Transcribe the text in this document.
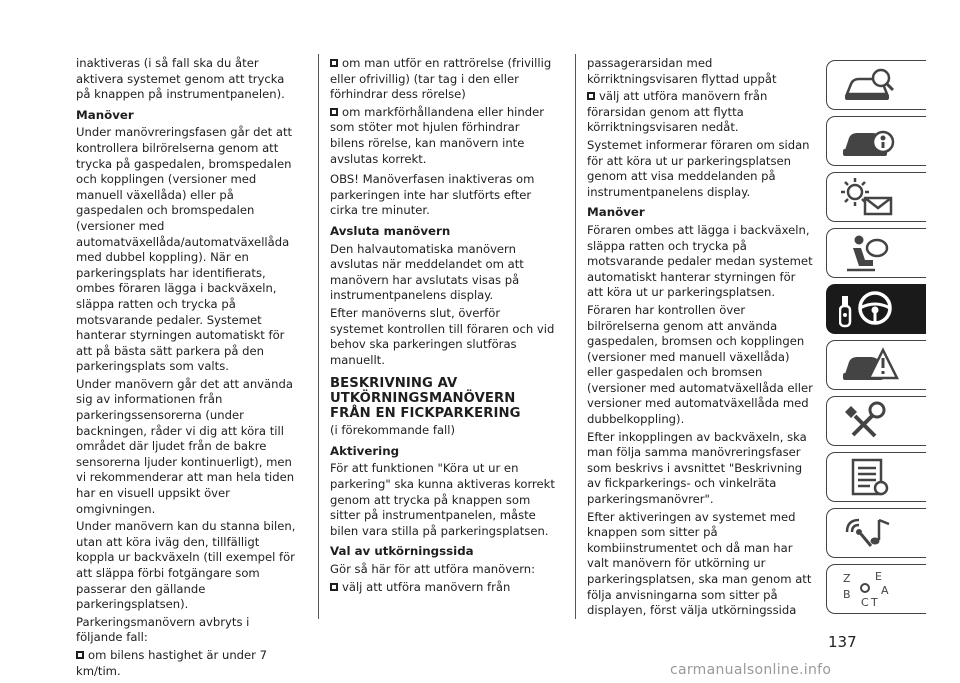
inaktiveras (i så fall ska du åter aktivera systemet genom att trycka på knappen på instrumentpanelen).

Manöver

Under manövreringsfasen går det att kontrollera bilrörelserna genom att trycka på gaspedalen, bromspedalen och kopplingen (versioner med manuell växellåda) eller på gaspedalen och bromspedalen (versioner med automatväxellåda/automatväxellåda med dubbel koppling). När en parkeringsplats har identifierats, ombes föraren lägga i backväxeln, släppa ratten och trycka på motsvarande pedaler. Systemet hanterar styrningen automatiskt för att på bästa sätt parkera på den parkeringsplats som valts.

Under manövern går det att använda sig av informationen från parkeringssensorerna (under backningen, råder vi dig att köra till området där ljudet från de bakre sensorerna ljuder kontinuerligt), men vi rekommenderar att man hela tiden har en visuell uppsikt över omgivningen.

Under manövern kan du stanna bilen, utan att köra iväg den, tillfälligt koppla ur backväxeln (till exempel för att släppa förbi fotgängare som passerar den gällande parkeringsplatsen).

Parkeringsmanövern avbryts i följande fall:

om bilens hastighet är under 7 km/tim.

om man utför en rattrörelse (frivillig eller ofrivillig) (tar tag i den eller förhindrar dess rörelse)

om markförhållandena eller hinder som stöter mot hjulen förhindrar bilens rörelse, kan manövern inte avslutas korrekt.

OBS! Manöverfasen inaktiveras om parkeringen inte har slutförts efter cirka tre minuter.

Avsluta manövern

Den halvautomatiska manövern avslutas när meddelandet om att manövern har avslutats visas på instrumentpanelens display.

Efter manöverns slut, överför systemet kontrollen till föraren och vid behov ska parkeringen slutföras manuellt.

BESKRIVNING AV UTKÖRNINGSMANÖVERN FRÅN EN FICKPARKERING

(i förekommande fall)

Aktivering

För att funktionen "Köra ut ur en parkering" ska kunna aktiveras korrekt genom att trycka på knappen som sitter på instrumentpanelen, måste bilen vara stilla på parkeringsplatsen.

Val av utkörningssida

Gör så här för att utföra manövern:

välj att utföra manövern från

passagerarsidan med körriktningsvisaren flyttad uppåt

välj att utföra manövern från förarsidan genom att flytta körriktningsvisaren nedåt.

Systemet informerar föraren om sidan för att köra ut ur parkeringsplatsen genom att visa meddelanden på instrumentpanelens display.

Manöver

Föraren ombes att lägga i backväxeln, släppa ratten och trycka på motsvarande pedaler medan systemet automatiskt hanterar styrningen för att köra ut ur parkeringsplatsen.

Föraren har kontrollen över bilrörelserna genom att använda gaspedalen, bromsen och kopplingen (versioner med manuell växellåda) eller gaspedalen och bromsen (versioner med automatväxellåda eller versioner med automatväxellåda med dubbelkoppling).

Efter inkopplingen av backväxeln, ska man följa samma manövreringsfaser som beskrivs i avsnittet "Beskrivning av fickparkerings- och vinkelräta parkeringsmanövrer".

Efter aktiveringen av systemet med knappen som sitter på kombiinstrumentet och då man har valt manövern för utkörning ur parkeringsplatsen, ska man genom att följa anvisningarna som sitter på displayen, först välja utkörningssida

Z E
B
C T
A
137
carmanualsonline.info
